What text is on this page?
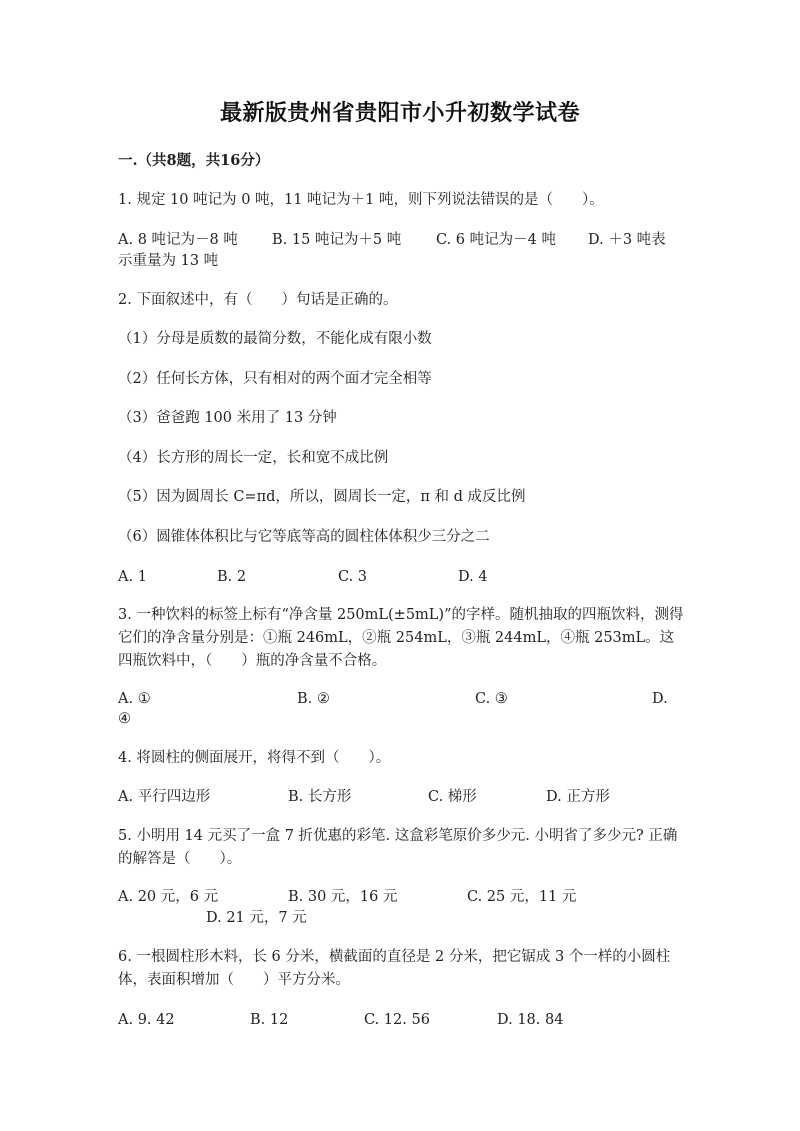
最新版贵州省贵阳市小升初数学试卷
一.（共8题，共16分）
1. 规定 10 吨记为 0 吨，11 吨记为＋1 吨，则下列说法错误的是（　　）。
A. 8 吨记为－8 吨 B. 15 吨记为＋5 吨 C. 6 吨记为－4 吨 D. ＋3 吨表
示重量为 13 吨
2. 下面叙述中，有（　　）句话是正确的。
（1）分母是质数的最简分数，不能化成有限小数
（2）任何长方体，只有相对的两个面才完全相等
（3）爸爸跑 100 米用了 13 分钟
（4）长方形的周长一定，长和宽不成比例
（5）因为圆周长 C=πd，所以，圆周长一定，π 和 d 成反比例
（6）圆锥体体积比与它等底等高的圆柱体体积少三分之二
A. 1	B. 2	C. 3	D. 4
3. 一种饮料的标签上标有“净含量 250mL(±5mL)”的字样。随机抽取的四瓶饮料，测得它们的净含量分别是：①瓶 246mL，②瓶 254mL，③瓶 244mL，④瓶 253mL。这四瓶饮料中，（　　）瓶的净含量不合格。
A. ①	B. ②	C. ③	D.
④
4. 将圆柱的侧面展开，将得不到（　　）。
A. 平行四边形	B. 长方形	C. 梯形	D. 正方形
5. 小明用 14 元买了一盒 7 折优惠的彩笔. 这盒彩笔原价多少元. 小明省了多少元? 正确的解答是（　　）。
A. 20 元，6 元	B. 30 元，16 元	C. 25 元，11 元
D. 21 元，7 元
6. 一根圆柱形木料，长 6 分米，横截面的直径是 2 分米，把它锯成 3 个一样的小圆柱体，表面积增加（　　）平方分米。
A. 9. 42	B. 12	C. 12. 56	D. 18. 84
